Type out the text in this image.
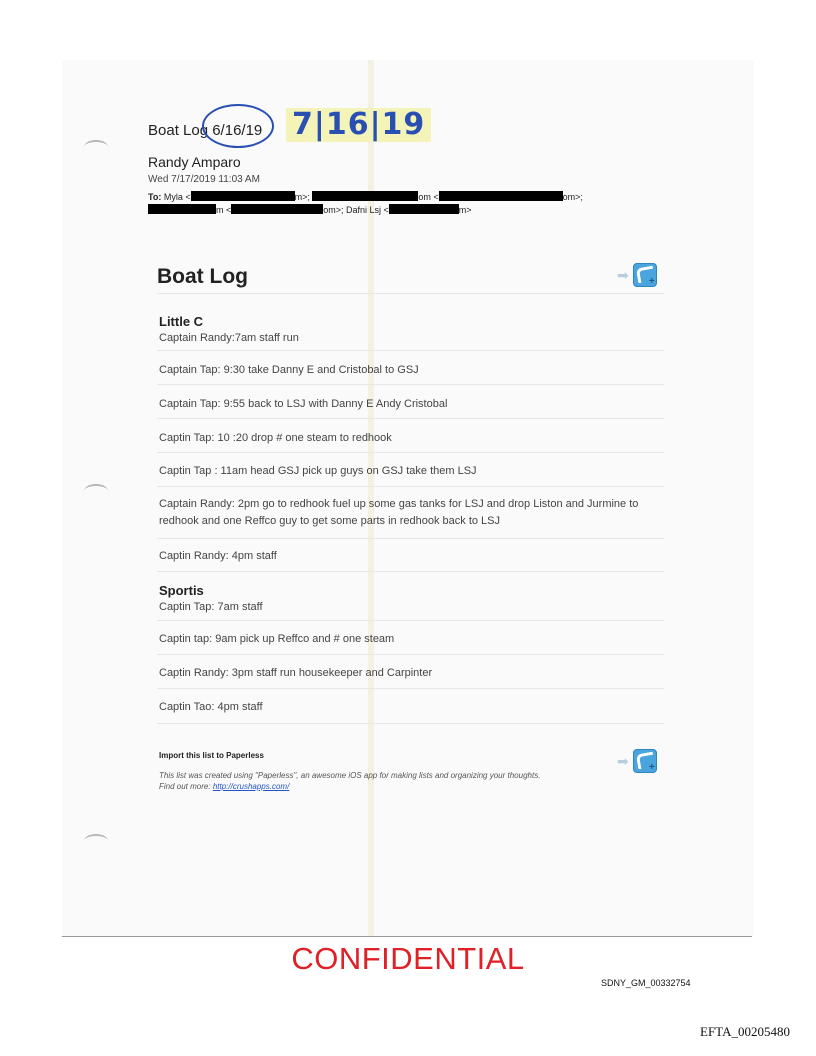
Boat Log 6/16/19 7|16|19
Randy Amparo
Wed 7/17/2019 11:03 AM
To: Myla <	m>;	om <	om>;
m <	om>; Dafni Lsj <	m>
Boat Log	➡
+
Little C
Captain Randy:7am staff run
Captain Tap: 9:30 take Danny E and Cristobal to GSJ
Captain Tap: 9:55 back to LSJ with Danny E Andy Cristobal
Captin Tap: 10 :20 drop # one steam to redhook
Captin Tap : 11am head GSJ pick up guys on GSJ take them LSJ
Captain Randy: 2pm go to redhook fuel up some gas tanks for LSJ and drop Liston and Jurmine to redhook and one Reffco guy to get some parts in redhook back to LSJ
Captin Randy: 4pm staff
Sportis
Captin Tap: 7am staff
Captin tap: 9am pick up Reffco and # one steam
Captin Randy: 3pm staff run housekeeper and Carpinter
Captin Tao: 4pm staff
Import this list to Paperless	➡
+
This list was created using "Paperless", an awesome iOS app for making lists and organizing your thoughts.
Find out more: http://crushapps.com/
CONFIDENTIAL
SDNY_GM_00332754
EFTA_00205480
